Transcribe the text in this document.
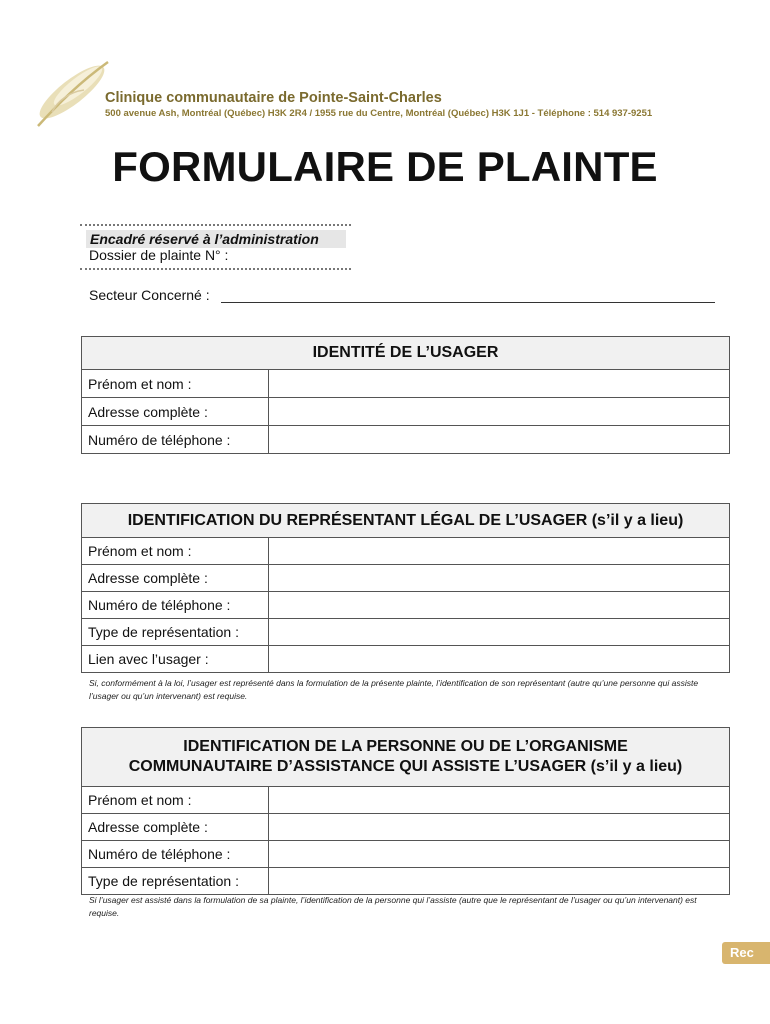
Clinique communautaire de Pointe-Saint-Charles
500 avenue Ash, Montréal (Québec) H3K 2R4 / 1955 rue du Centre, Montréal (Québec) H3K 1J1 - Téléphone : 514 937-9251
FORMULAIRE DE PLAINTE
Encadré réservé à l’administration
Dossier de plainte N° :
Secteur Concerné :
IDENTITÉ DE L’USAGER	
Prénom et nom :	
Adresse complète :	
Numéro de téléphone :	
IDENTIFICATION DU REPRÉSENTANT LÉGAL DE L’USAGER (s’il y a lieu)	
Prénom et nom :	
Adresse complète :	
Numéro de téléphone :	
Type de représentation :	
Lien avec l’usager :	
Si, conformément à la loi, l’usager est représenté dans la formulation de la présente plainte, l’identification de son représentant (autre qu’une personne qui assiste l’usager ou qu’un intervenant) est requise.
IDENTIFICATION DE LA PERSONNE OU DE L’ORGANISME
COMMUNAUTAIRE D’ASSISTANCE QUI ASSISTE L’USAGER (s’il y a lieu)	

Prénom et nom :	
Adresse complète :	
Numéro de téléphone :	
Type de représentation :	
Si l’usager est assisté dans la formulation de sa plainte, l’identification de la personne qui l’assiste (autre que le représentant de l’usager ou qu’un intervenant) est requise.
Rec
